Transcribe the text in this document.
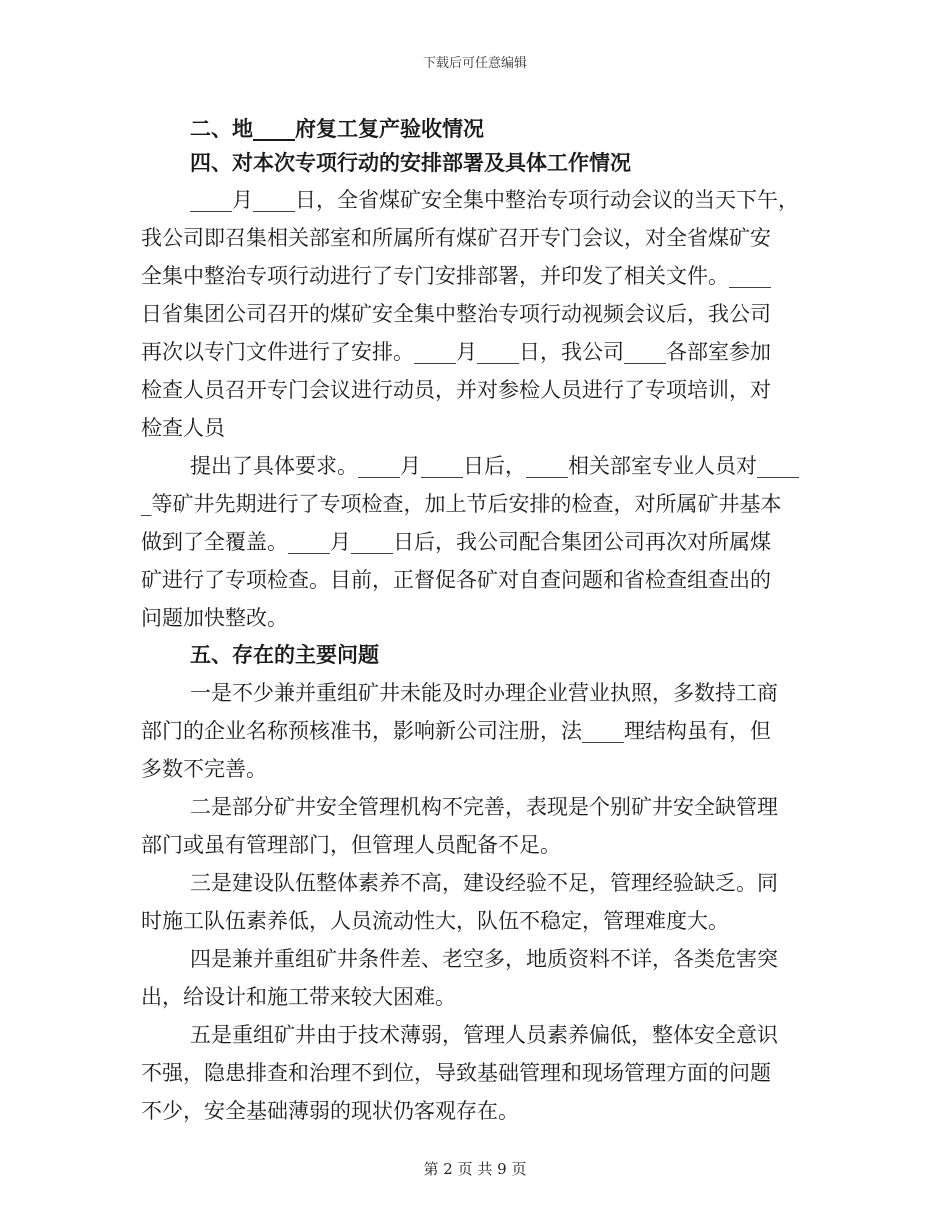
下载后可任意编辑
二、地____府复工复产验收情况
四、对本次专项行动的安排部署及具体工作情况
____月____日，全省煤矿安全集中整治专项行动会议的当天下午，
我公司即召集相关部室和所属所有煤矿召开专门会议，对全省煤矿安
全集中整治专项行动进行了专门安排部署，并印发了相关文件。____
日省集团公司召开的煤矿安全集中整治专项行动视频会议后，我公司
再次以专门文件进行了安排。____月____日，我公司____各部室参加
检查人员召开专门会议进行动员，并对参检人员进行了专项培训，对
检查人员
提出了具体要求。____月____日后，____相关部室专业人员对____
_等矿井先期进行了专项检查，加上节后安排的检查，对所属矿井基本
做到了全覆盖。____月____日后，我公司配合集团公司再次对所属煤
矿进行了专项检查。目前，正督促各矿对自查问题和省检查组查出的
问题加快整改。
五、存在的主要问题
一是不少兼并重组矿井未能及时办理企业营业执照，多数持工商
部门的企业名称预核准书，影响新公司注册，法____理结构虽有，但
多数不完善。
二是部分矿井安全管理机构不完善，表现是个别矿井安全缺管理
部门或虽有管理部门，但管理人员配备不足。
三是建设队伍整体素养不高，建设经验不足，管理经验缺乏。同
时施工队伍素养低，人员流动性大，队伍不稳定，管理难度大。
四是兼并重组矿井条件差、老空多，地质资料不详，各类危害突
出，给设计和施工带来较大困难。
五是重组矿井由于技术薄弱，管理人员素养偏低，整体安全意识
不强，隐患排查和治理不到位，导致基础管理和现场管理方面的问题
不少，安全基础薄弱的现状仍客观存在。
第 2 页 共 9 页
